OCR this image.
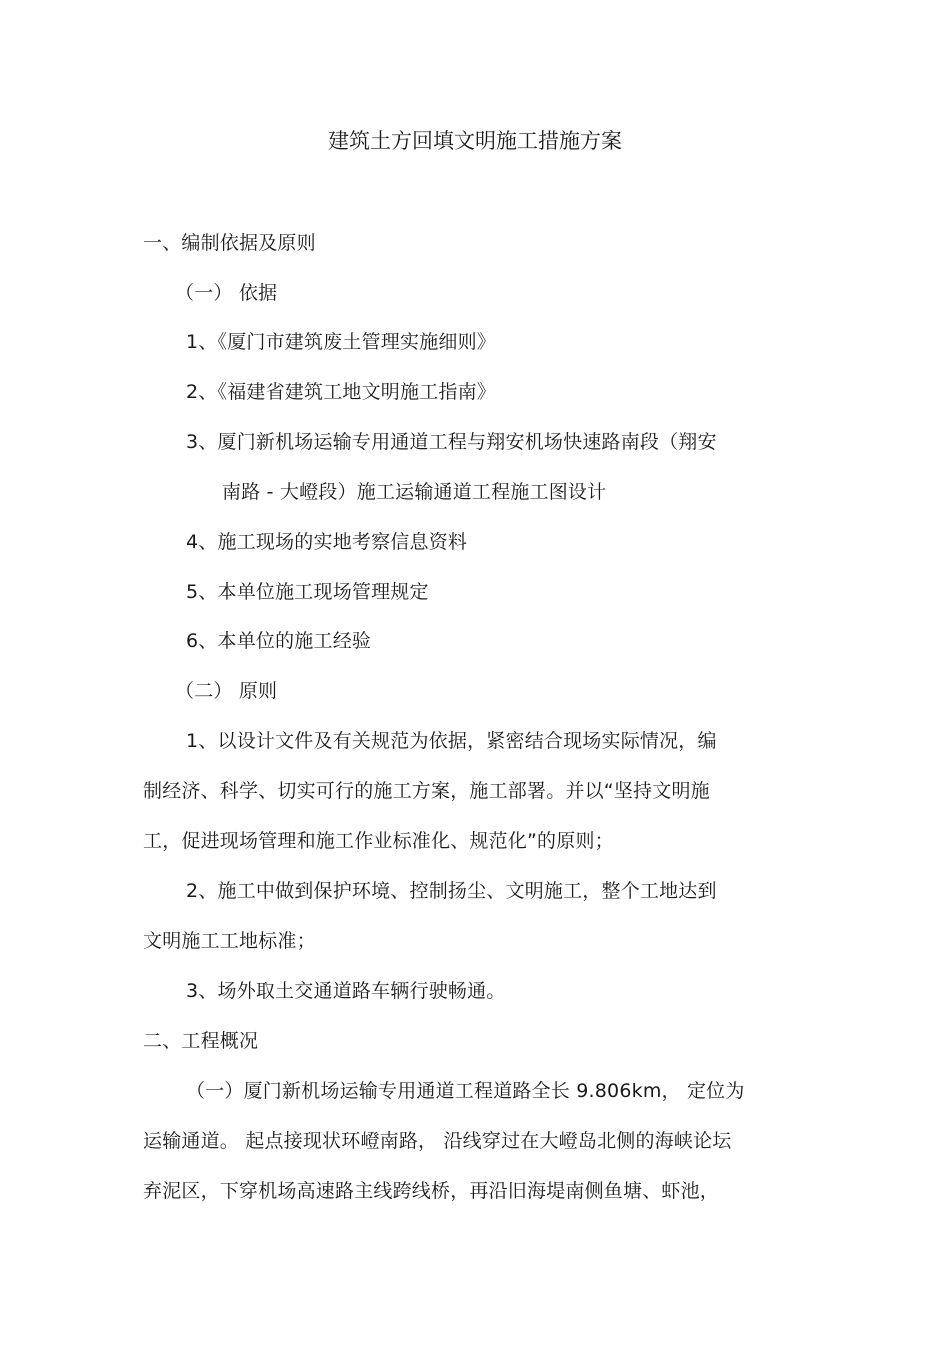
建筑土方回填文明施工措施方案
一、编制依据及原则
（一） 依据
1、《厦门市建筑废土管理实施细则》
2、《福建省建筑工地文明施工指南》
3、厦门新机场运输专用通道工程与翔安机场快速路南段（翔安
南路 - 大嶝段）施工运输通道工程施工图设计
4、施工现场的实地考察信息资料
5、本单位施工现场管理规定
6、本单位的施工经验
（二） 原则
1、以设计文件及有关规范为依据，紧密结合现场实际情况，编
制经济、科学、切实可行的施工方案，施工部署。并以“坚持文明施
工，促进现场管理和施工作业标准化、规范化”的原则；
2、施工中做到保护环境、控制扬尘、文明施工，整个工地达到
文明施工工地标准；
3、场外取土交通道路车辆行驶畅通。
二、工程概况
（一）厦门新机场运输专用通道工程道路全长 9.806km， 定位为
运输通道。 起点接现状环嶝南路， 沿线穿过在大嶝岛北侧的海峡论坛
弃泥区，下穿机场高速路主线跨线桥，再沿旧海堤南侧鱼塘、虾池，
